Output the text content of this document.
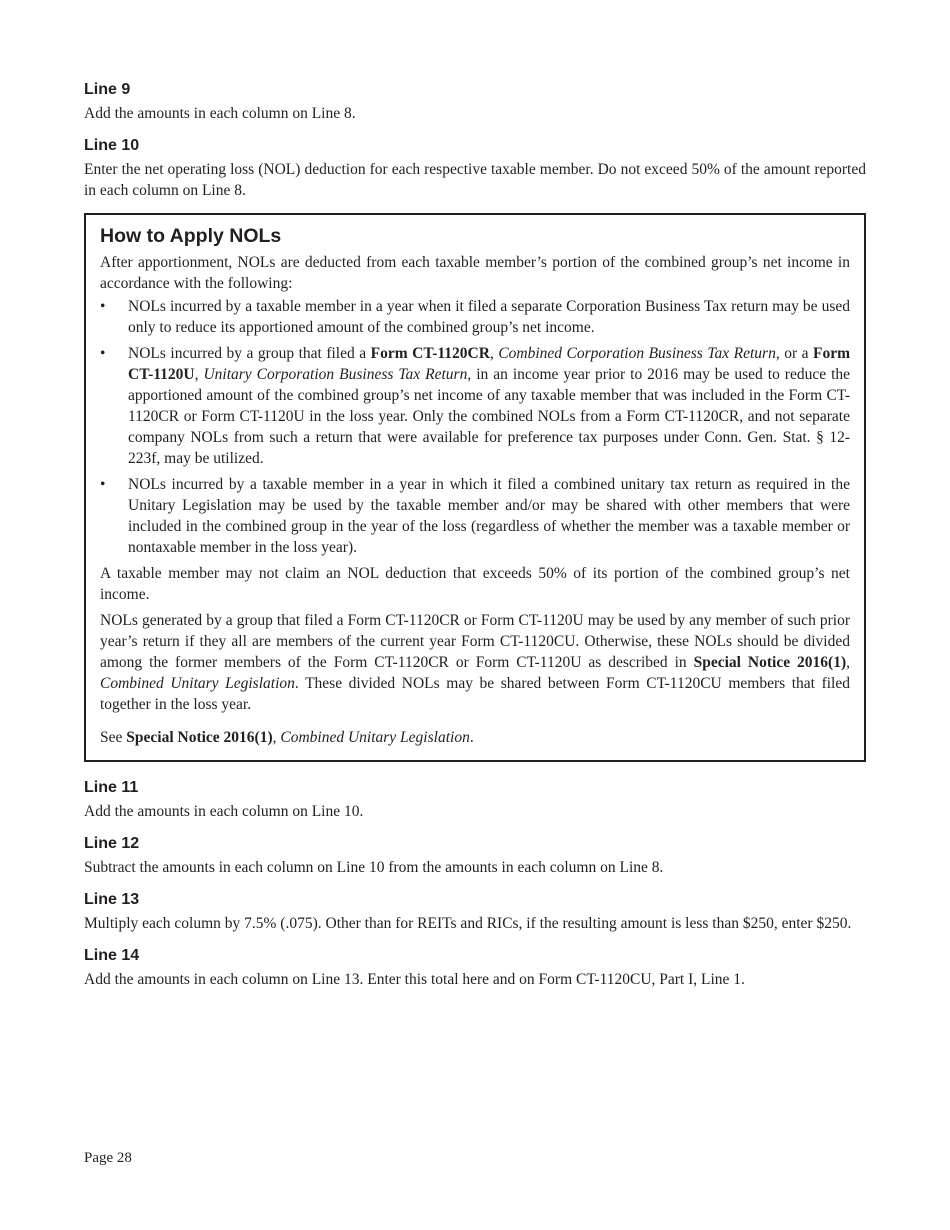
Line 9

Add the amounts in each column on Line 8.

Line 10

Enter the net operating loss (NOL) deduction for each respective taxable member. Do not exceed 50% of the amount reported in each column on Line 8.

How to Apply NOLs

After apportionment, NOLs are deducted from each taxable member’s portion of the combined group’s net income in accordance with the following:

• NOLs incurred by a taxable member in a year when it filed a separate Corporation Business Tax return may be used only to reduce its apportioned amount of the combined group’s net income.
• NOLs incurred by a group that filed a Form CT-1120CR, Combined Corporation Business Tax Return, or a Form CT-1120U, Unitary Corporation Business Tax Return, in an income year prior to 2016 may be used to reduce the apportioned amount of the combined group’s net income of any taxable member that was included in the Form CT-1120CR or Form CT-1120U in the loss year. Only the combined NOLs from a Form CT-1120CR, and not separate company NOLs from such a return that were available for preference tax purposes under Conn. Gen. Stat. § 12-223f, may be utilized.
• NOLs incurred by a taxable member in a year in which it filed a combined unitary tax return as required in the Unitary Legislation may be used by the taxable member and/or may be shared with other members that were included in the combined group in the year of the loss (regardless of whether the member was a taxable member or nontaxable member in the loss year).

A taxable member may not claim an NOL deduction that exceeds 50% of its portion of the combined group’s net income.

NOLs generated by a group that filed a Form CT-1120CR or Form CT-1120U may be used by any member of such prior year’s return if they all are members of the current year Form CT-1120CU. Otherwise, these NOLs should be divided among the former members of the Form CT-1120CR or Form CT-1120U as described in Special Notice 2016(1), Combined Unitary Legislation. These divided NOLs may be shared between Form CT-1120CU members that filed together in the loss year.

See Special Notice 2016(1), Combined Unitary Legislation.

Line 11

Add the amounts in each column on Line 10.

Line 12

Subtract the amounts in each column on Line 10 from the amounts in each column on Line 8.

Line 13

Multiply each column by 7.5% (.075). Other than for REITs and RICs, if the resulting amount is less than $250, enter $250.

Line 14

Add the amounts in each column on Line 13. Enter this total here and on Form CT-1120CU, Part I, Line 1.

Page 28
